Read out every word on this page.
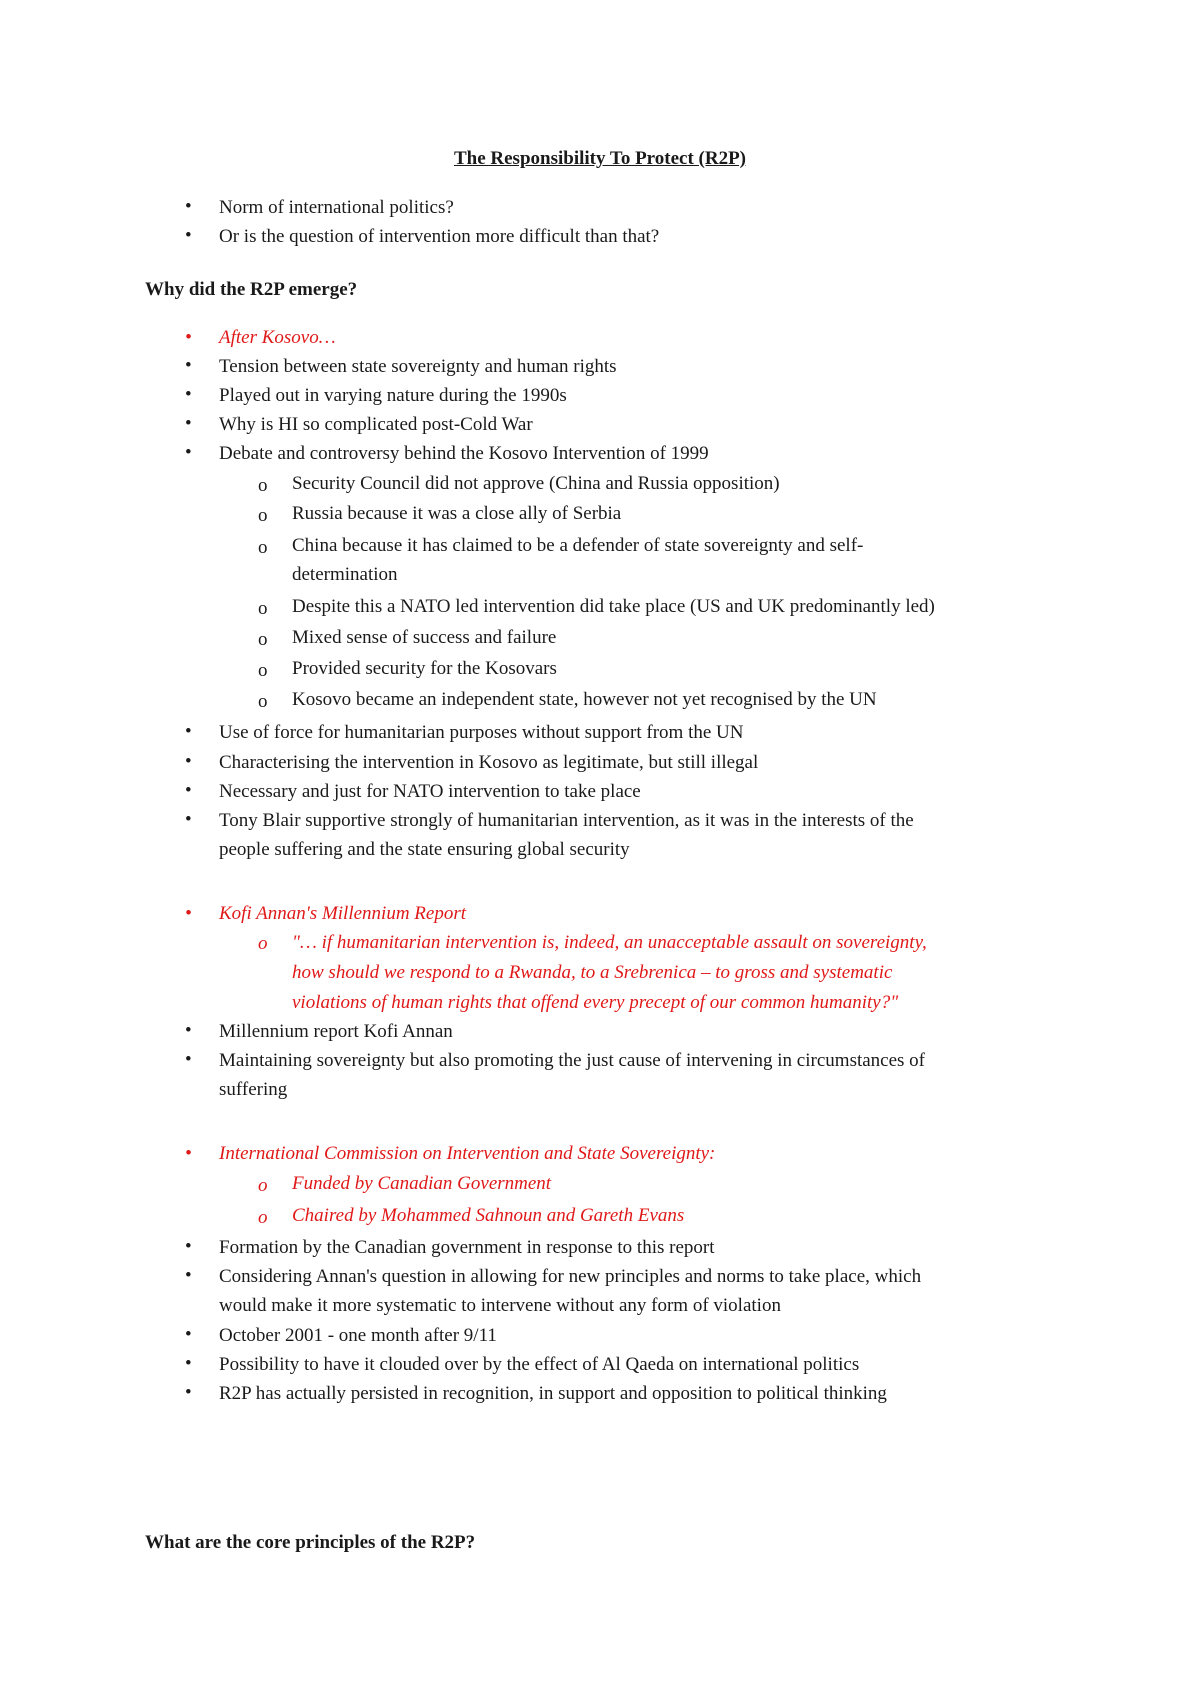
The Responsibility To Protect (R2P)
• Norm of international politics?
• Or is the question of intervention more difficult than that?
Why did the R2P emerge?
• After Kosovo…
• Tension between state sovereignty and human rights
• Played out in varying nature during the 1990s
• Why is HI so complicated post-Cold War
• Debate and controversy behind the Kosovo Intervention of 1999
o Security Council did not approve (China and Russia opposition)
o Russia because it was a close ally of Serbia
o China because it has claimed to be a defender of state sovereignty and self-
determination
o Despite this a NATO led intervention did take place (US and UK predominantly led)
o Mixed sense of success and failure
o Provided security for the Kosovars
o Kosovo became an independent state, however not yet recognised by the UN
• Use of force for humanitarian purposes without support from the UN
• Characterising the intervention in Kosovo as legitimate, but still illegal
• Necessary and just for NATO intervention to take place
• Tony Blair supportive strongly of humanitarian intervention, as it was in the interests of the
people suffering and the state ensuring global security
• Kofi Annan's Millennium Report
o "… if humanitarian intervention is, indeed, an unacceptable assault on sovereignty,
how should we respond to a Rwanda, to a Srebrenica – to gross and systematic
violations of human rights that offend every precept of our common humanity?"
• Millennium report Kofi Annan
• Maintaining sovereignty but also promoting the just cause of intervening in circumstances of
suffering
• International Commission on Intervention and State Sovereignty:
o Funded by Canadian Government
o Chaired by Mohammed Sahnoun and Gareth Evans
• Formation by the Canadian government in response to this report
• Considering Annan's question in allowing for new principles and norms to take place, which
would make it more systematic to intervene without any form of violation
• October 2001 - one month after 9/11
• Possibility to have it clouded over by the effect of Al Qaeda on international politics
• R2P has actually persisted in recognition, in support and opposition to political thinking
What are the core principles of the R2P?
